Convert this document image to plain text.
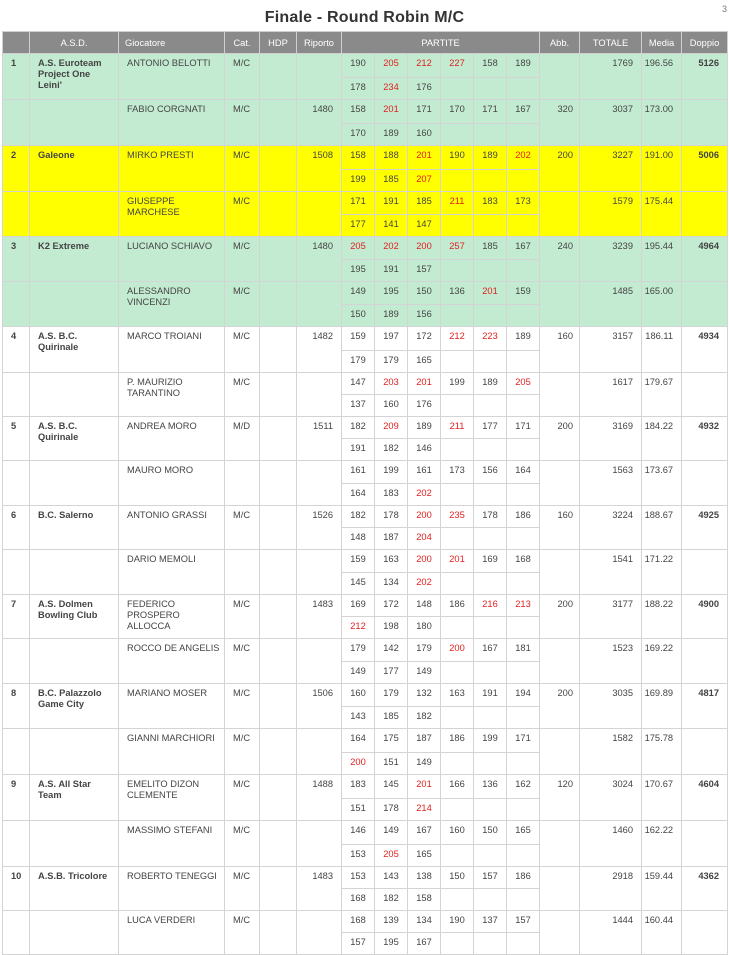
Finale - Round Robin M/C	3
	A.S.D.	Giocatore	Cat.	HDP	Riporto	PARTITE						Abb.	TOTALE	Media	Doppio
1	A.S. Euroteam Project One Leini'	ANTONIO BELOTTI	M/C			190	205	212	227	158	189		1769	196.56	5126
						178	234	176							
		FABIO CORGNATI	M/C		1480	158	201	171	170	171	167	320	3037	173.00	
						170	189	160							
2	Galeone	MIRKO PRESTI	M/C		1508	158	188	201	190	189	202	200	3227	191.00	5006
						199	185	207							
		GIUSEPPE MARCHESE	M/C			171	191	185	211	183	173		1579	175.44	
						177	141	147							
3	K2 Extreme	LUCIANO SCHIAVO	M/C		1480	205	202	200	257	185	167	240	3239	195.44	4964
						195	191	157							
		ALESSANDRO VINCENZI	M/C			149	195	150	136	201	159		1485	165.00	
						150	189	156							
4	A.S. B.C. Quirinale	MARCO TROIANI	M/C		1482	159	197	172	212	223	189	160	3157	186.11	4934
						179	179	165							
		P. MAURIZIO TARANTINO	M/C			147	203	201	199	189	205		1617	179.67	
						137	160	176							
5	A.S. B.C. Quirinale	ANDREA MORO	M/D		1511	182	209	189	211	177	171	200	3169	184.22	4932
						191	182	146							
		MAURO MORO				161	199	161	173	156	164		1563	173.67	
						164	183	202							
6	B.C. Salerno	ANTONIO GRASSI	M/C		1526	182	178	200	235	178	186	160	3224	188.67	4925
						148	187	204							
		DARIO MEMOLI				159	163	200	201	169	168		1541	171.22	
						145	134	202							
7	A.S. Dolmen Bowling Club	FEDERICO PROSPERO ALLOCCA	M/C		1483	169	172	148	186	216	213	200	3177	188.22	4900
						212	198	180							
		ROCCO DE ANGELIS	M/C			179	142	179	200	167	181		1523	169.22	
						149	177	149							
8	B.C. Palazzolo Game City	MARIANO MOSER	M/C		1506	160	179	132	163	191	194	200	3035	169.89	4817
						143	185	182							
		GIANNI MARCHIORI	M/C			164	175	187	186	199	171		1582	175.78	
						200	151	149							
9	A.S. All Star Team	EMELITO DIZON CLEMENTE	M/C		1488	183	145	201	166	136	162	120	3024	170.67	4604
						151	178	214							
		MASSIMO STEFANI	M/C			146	149	167	160	150	165		1460	162.22	
						153	205	165							
10	A.S.B. Tricolore	ROBERTO TENEGGI	M/C		1483	153	143	138	150	157	186		2918	159.44	4362
						168	182	158							
		LUCA VERDERI	M/C			168	139	134	190	137	157		1444	160.44	
						157	195	167							
